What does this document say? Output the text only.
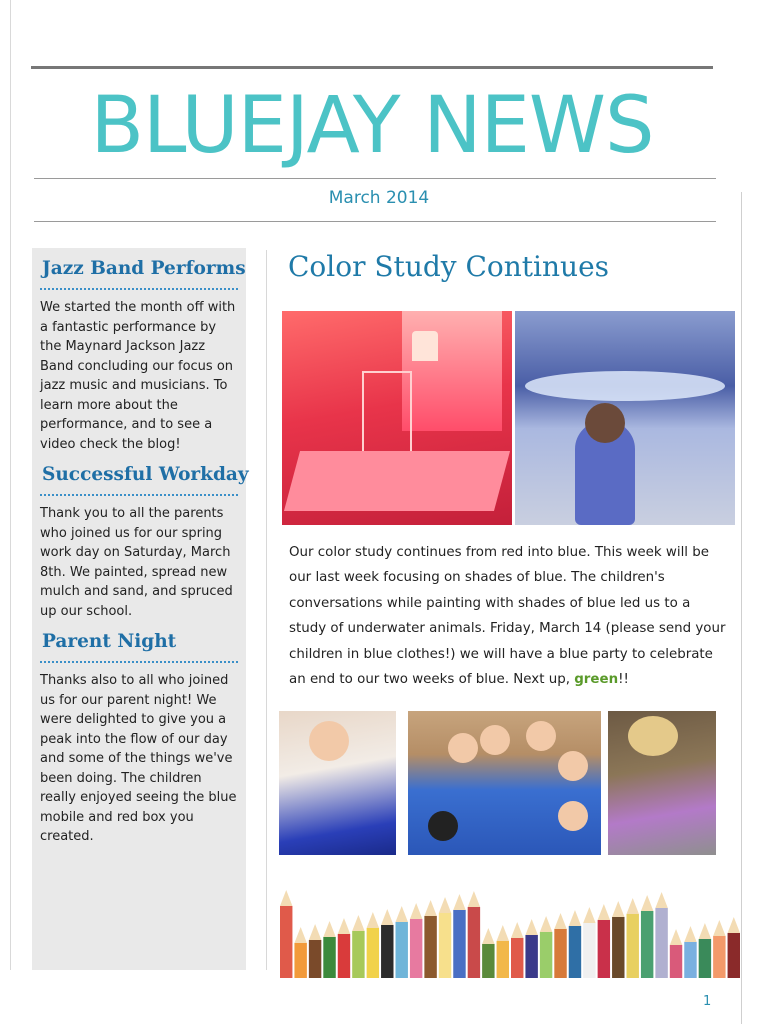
BLUEJAY NEWS
March 2014
Jazz Band Performs
We started the month off with a fantastic performance by the Maynard Jackson Jazz Band concluding our focus on jazz music and musicians. To learn more about the performance, and to see a video check the blog!
Successful Workday
Thank you to all the parents who joined us for our spring work day on Saturday, March 8th. We painted, spread new mulch and sand, and spruced up our school.
Parent Night
Thanks also to all who joined us for our parent night! We were delighted to give you a peak into the flow of our day and some of the things we've been doing. The children really enjoyed seeing the blue mobile and red box you created.
Color Study Continues
Our color study continues from red into blue. This week will be our last week focusing on shades of blue. The children's conversations while painting with shades of blue led us to a study of underwater animals. Friday, March 14 (please send your children in blue clothes!) we will have a blue party to celebrate an end to our two weeks of blue. Next up, green!!
1
